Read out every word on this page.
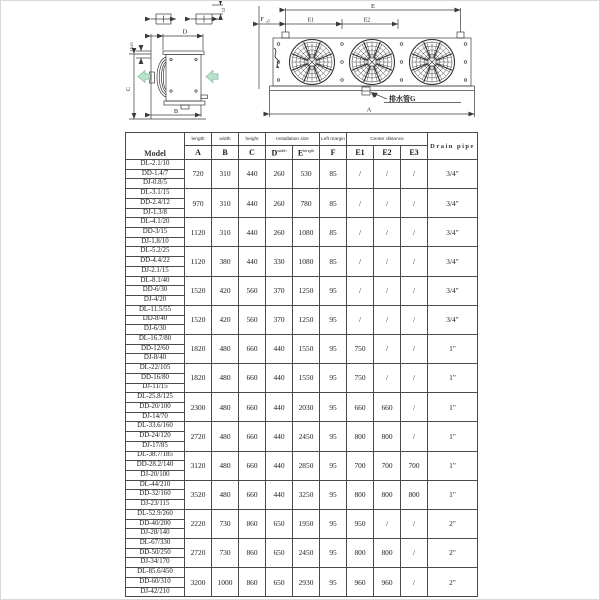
D
B
C
15±5
12	E
F ±5	E1	E2
A
排水管G
Model	length	width	height	Installation size		Left margin	Center distance			Drain pipe
	A	B	C	$D^{width}$	$E^{length}$	F	E1	E2	E3	
DL-2.1/10	720	310	440	260	530	85	/	/	/	3/4"
DD-1.4/7										
DJ-0.8/5										
DL-3.1/15	970	310	440	260	780	85	/	/	/	3/4"
DD-2.4/12										
DJ-1.3/8										
DL-4.1/20	1120	310	440	260	1080	85	/	/	/	3/4"
DD-3/15										
DJ-1.8/10										
DL-5.2/25	1120	380	440	330	1080	85	/	/	/	3/4"
DD-4.4/22										
DJ-2.1/15										
DL-8.1/40	1520	420	560	370	1250	95	/	/	/	3/4"
DD-6/30										
DJ-4/20										
DL-11.5/55	1520	420	560	370	1250	95	/	/	/	3/4"
DD-8/40										
DJ-6/30										
DL-16.7/80	1820	480	660	440	1550	95	750	/	/	1"
DD-12/60										
DJ-8/40										
DL-22/105	1820	480	660	440	1550	95	750	/	/	1"
DD-16/80										
DJ-11/15										
DL-25.8/125	2300	480	660	440	2030	95	660	660	/	1"
DD-20/100										
DJ-14/70										
DL-33.6/160	2720	480	660	440	2450	95	800	800	/	1"
DD-24/120										
DJ-17/85										
DL-38.7/185	3120	480	660	440	2850	95	700	700	700	1"
DD-28.2/140										
DJ-20/100										
DL-44/210	3520	480	660	440	3250	95	800	800	800	1"
DD-32/160										
DJ-23/115										
DL-52.9/260	2220	730	860	650	1950	95	950	/	/	2"
DD-40/200										
DJ-28/140										
DL-67/330	2720	730	860	650	2450	95	800	800	/	2"
DD-50/250										
DJ-34/170										
DL-85.6/450	3200	1000	860	650	2930	95	960	960	/	2"
DD-60/310										
DJ-42/210										
